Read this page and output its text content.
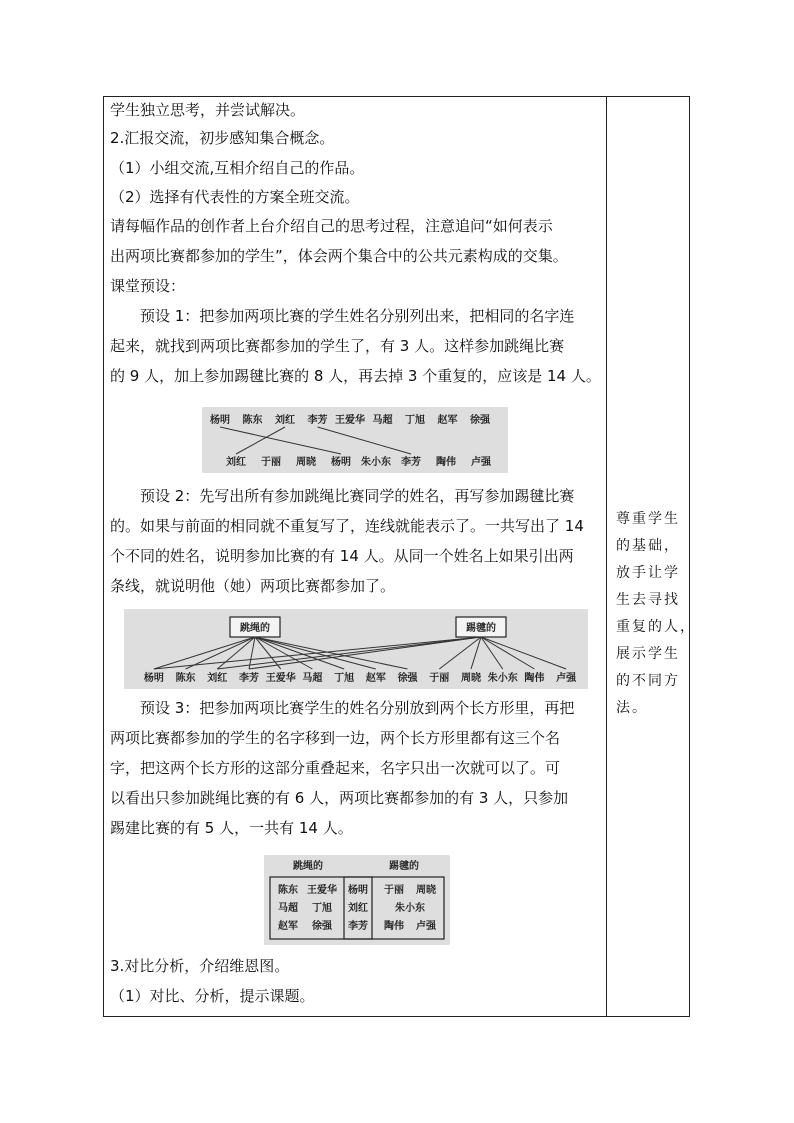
学生独立思考，并尝试解决。
2.汇报交流，初步感知集合概念。
（1）小组交流,互相介绍自己的作品。
（2）选择有代表性的方案全班交流。
请每幅作品的创作者上台介绍自己的思考过程，注意追问“如何表示
出两项比赛都参加的学生”，体会两个集合中的公共元素构成的交集。
课堂预设：
预设 1：把参加两项比赛的学生姓名分别列出来，把相同的名字连
起来，就找到两项比赛都参加的学生了，有 3 人。这样参加跳绳比赛
的 9 人，加上参加踢毽比赛的 8 人，再去掉 3 个重复的，应该是 14 人。
杨明 陈东 刘红 李芳 王爱华 马超 丁旭 赵军 徐强
刘红 于丽 周晓 杨明 朱小东 李芳 陶伟 卢强
预设 2：先写出所有参加跳绳比赛同学的姓名，再写参加踢毽比赛
的。如果与前面的相同就不重复写了，连线就能表示了。一共写出了 14
个不同的姓名，说明参加比赛的有 14 人。从同一个姓名上如果引出两
条线，就说明他（她）两项比赛都参加了。
跳绳的	踢毽的
杨明 陈东 刘红 李芳 王爱华 马超 丁旭 赵军 徐强 于丽 周晓 朱小东 陶伟 卢强
预设 3：把参加两项比赛学生的姓名分别放到两个长方形里，再把
两项比赛都参加的学生的名字移到一边，两个长方形里都有这三个名
字，把这两个长方形的这部分重叠起来，名字只出一次就可以了。可
以看出只参加跳绳比赛的有 6 人，两项比赛都参加的有 3 人，只参加
踢建比赛的有 5 人，一共有 14 人。
跳绳的	踢毽的
陈东 王爱华
马超 丁旭
赵军 徐强
杨明
刘红
李芳
于丽 周晓
朱小东
陶伟 卢强
3.对比分析，介绍维恩图。
（1）对比、分析，提示课题。
尊重学生
的基础，
放手让学
生去寻找
重复的人，
展示学生
的不同方
法。
